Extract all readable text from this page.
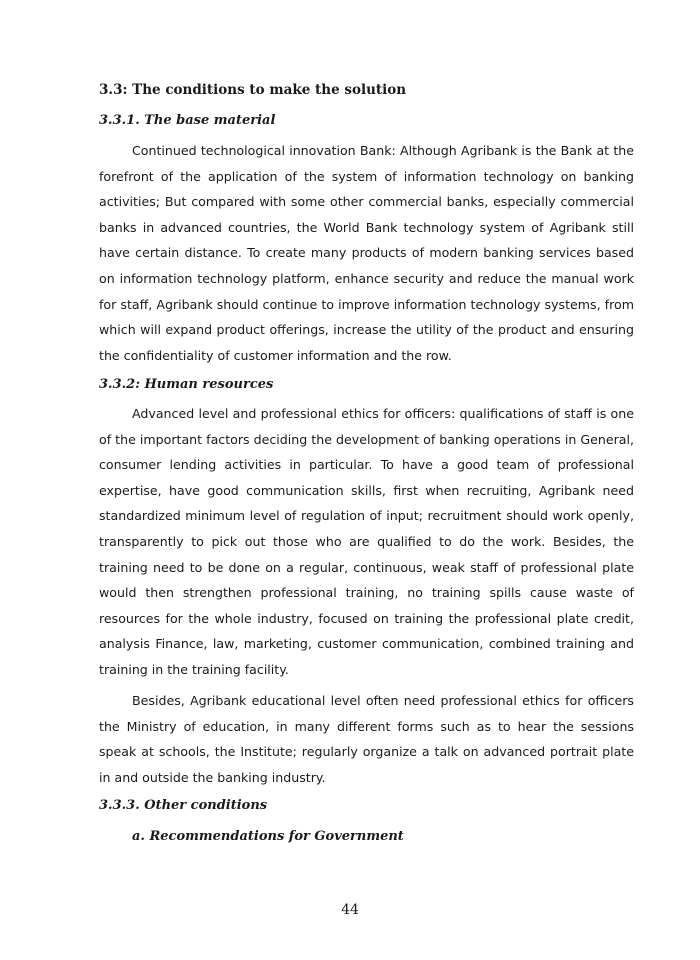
3.3: The conditions to make the solution
3.3.1. The base material

Continued technological innovation Bank: Although Agribank is the Bank at the forefront of the application of the system of information technology on banking activities; But compared with some other commercial banks, especially commercial banks in advanced countries, the World Bank technology system of Agribank still have certain distance. To create many products of modern banking services based on information technology platform, enhance security and reduce the manual work for staff, Agribank should continue to improve information technology systems, from which will expand product offerings, increase the utility of the product and ensuring the confidentiality of customer information and the row.

3.3.2: Human resources

Advanced level and professional ethics for officers: qualifications of staff is one of the important factors deciding the development of banking operations in General, consumer lending activities in particular. To have a good team of professional expertise, have good communication skills, first when recruiting, Agribank need standardized minimum level of regulation of input; recruitment should work openly, transparently to pick out those who are qualified to do the work. Besides, the training need to be done on a regular, continuous, weak staff of professional plate would then strengthen professional training, no training spills cause waste of resources for the whole industry, focused on training the professional plate credit, analysis Finance, law, marketing, customer communication, combined training and training in the training facility.

Besides, Agribank educational level often need professional ethics for officers the Ministry of education, in many different forms such as to hear the sessions speak at schools, the Institute; regularly organize a talk on advanced portrait plate in and outside the banking industry.

3.3.3. Other conditions
a. Recommendations for Government
44
